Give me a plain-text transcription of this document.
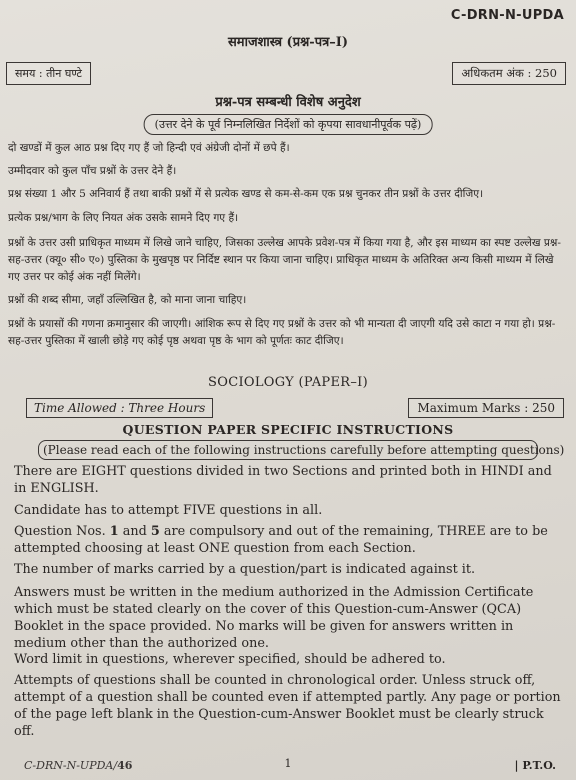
C-DRN-N-UPDA
समाजशास्त्र (प्रश्न-पत्र–I)
समय : तीन घण्टे	अधिकतम अंक : 250
प्रश्न-पत्र सम्बन्धी विशेष अनुदेश
(उत्तर देने के पूर्व निम्नलिखित निर्देशों को कृपया सावधानीपूर्वक पढ़ें)
दो खण्डों में कुल आठ प्रश्न दिए गए हैं जो हिन्दी एवं अंग्रेजी दोनों में छपे हैं।
उम्मीदवार को कुल पाँच प्रश्नों के उत्तर देने हैं।
प्रश्न संख्या 1 और 5 अनिवार्य हैं तथा बाकी प्रश्नों में से प्रत्येक खण्ड से कम-से-कम एक प्रश्न चुनकर तीन प्रश्नों के उत्तर दीजिए।
प्रत्येक प्रश्न/भाग के लिए नियत अंक उसके सामने दिए गए हैं।
प्रश्नों के उत्तर उसी प्राधिकृत माध्यम में लिखे जाने चाहिए, जिसका उल्लेख आपके प्रवेश-पत्र में किया गया है, और इस माध्यम का स्पष्ट उल्लेख प्रश्न-सह-उत्तर (क्यू० सी० ए०) पुस्तिका के मुखपृष्ठ पर निर्दिष्ट स्थान पर किया जाना चाहिए। प्राधिकृत माध्यम के अतिरिक्त अन्य किसी माध्यम में लिखे गए उत्तर पर कोई अंक नहीं मिलेंगे।
प्रश्नों की शब्द सीमा, जहाँ उल्लिखित है, को माना जाना चाहिए।
प्रश्नों के प्रयासों की गणना क्रमानुसार की जाएगी। आंशिक रूप से दिए गए प्रश्नों के उत्तर को भी मान्यता दी जाएगी यदि उसे काटा न गया हो। प्रश्न-सह-उत्तर पुस्तिका में खाली छोड़े गए कोई पृष्ठ अथवा पृष्ठ के भाग को पूर्णतः काट दीजिए।
SOCIOLOGY (PAPER–I)
Time Allowed : Three Hours	Maximum Marks : 250
QUESTION PAPER SPECIFIC INSTRUCTIONS
(Please read each of the following instructions carefully before attempting questions)
There are EIGHT questions divided in two Sections and printed both in HINDI and in ENGLISH.
Candidate has to attempt FIVE questions in all.
Question Nos. 1 and 5 are compulsory and out of the remaining, THREE are to be attempted choosing at least ONE question from each Section.
The number of marks carried by a question/part is indicated against it.
Answers must be written in the medium authorized in the Admission Certificate which must be stated clearly on the cover of this Question-cum-Answer (QCA) Booklet in the space provided. No marks will be given for answers written in medium other than the authorized one.
Word limit in questions, wherever specified, should be adhered to.
Attempts of questions shall be counted in chronological order. Unless struck off, attempt of a question shall be counted even if attempted partly. Any page or portion of the page left blank in the Question-cum-Answer Booklet must be clearly struck off.
C-DRN-N-UPDA/46	1	| P.T.O.
